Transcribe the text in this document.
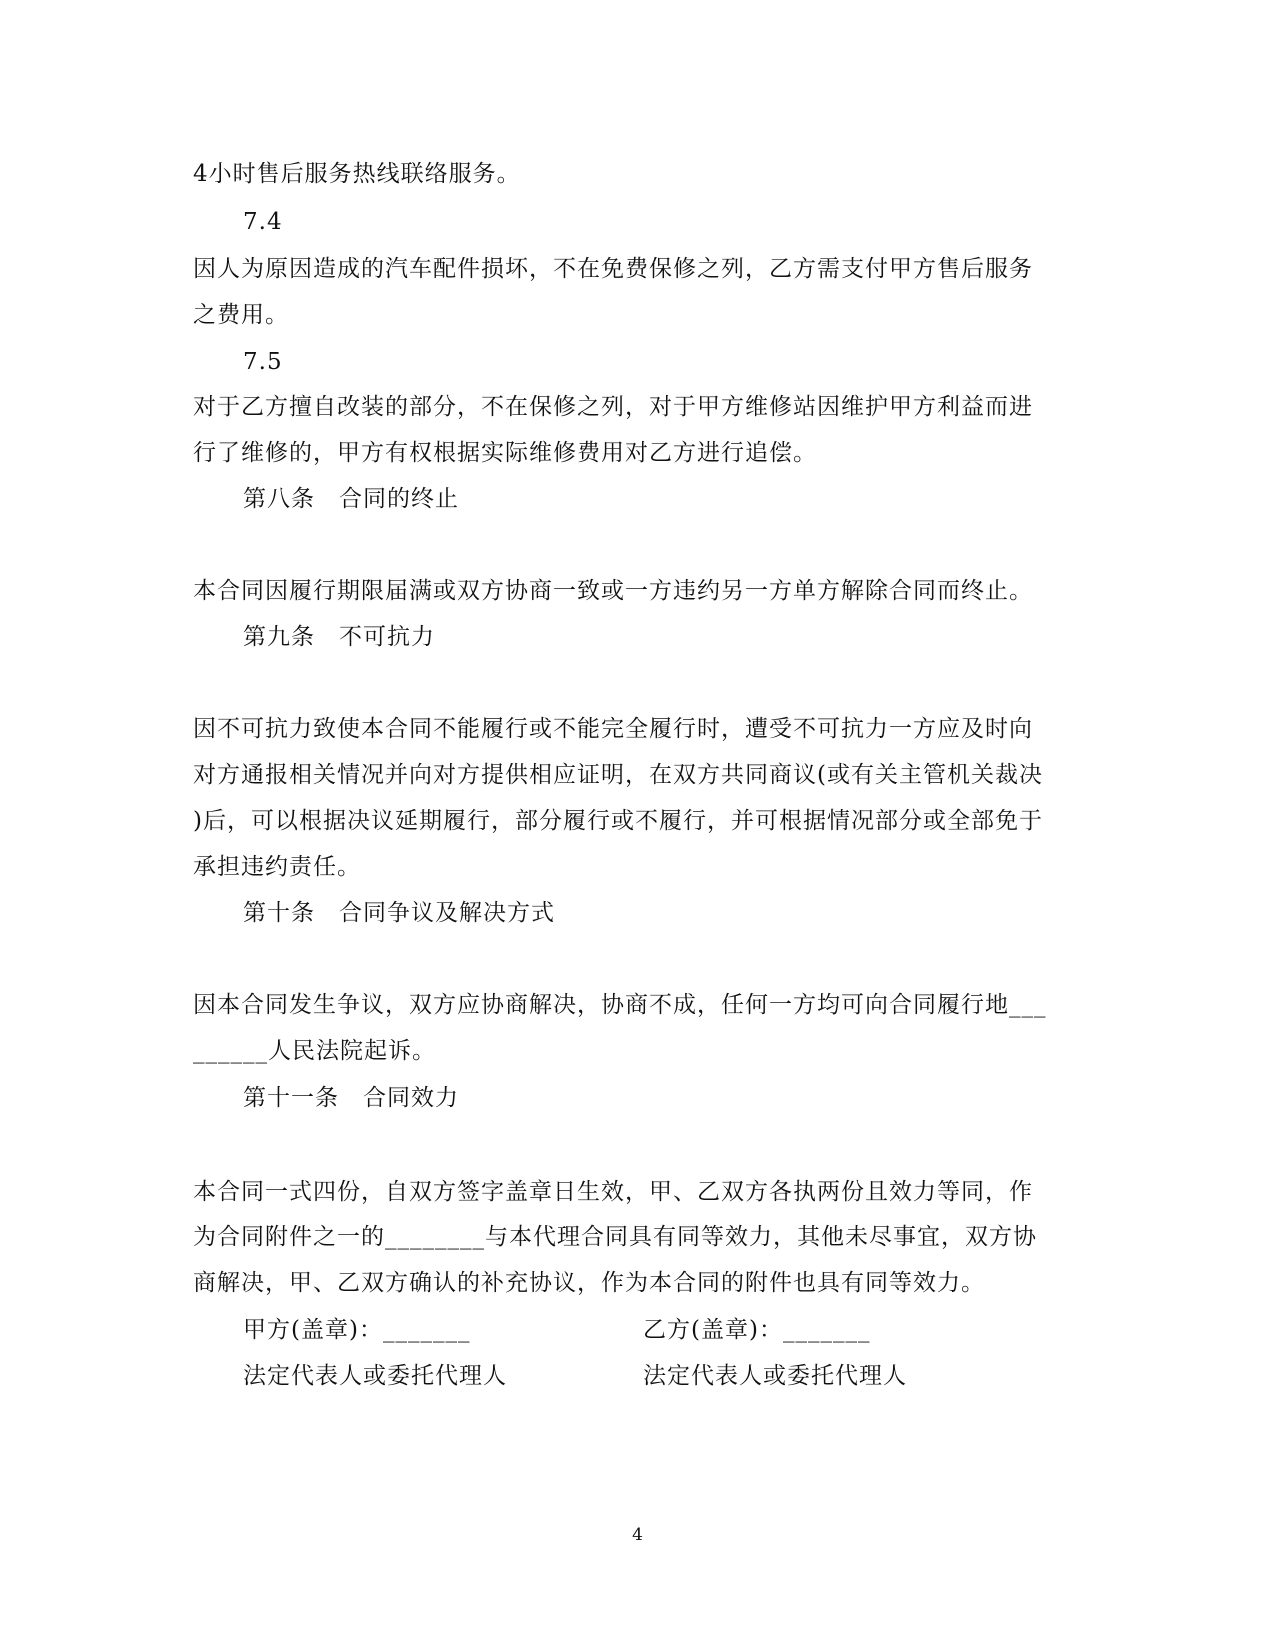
4小时售后服务热线联络服务。
7.4
因人为原因造成的汽车配件损坏，不在免费保修之列，乙方需支付甲方售后服务
之费用。
7.5
对于乙方擅自改装的部分，不在保修之列，对于甲方维修站因维护甲方利益而进
行了维修的，甲方有权根据实际维修费用对乙方进行追偿。
第八条　合同的终止
本合同因履行期限届满或双方协商一致或一方违约另一方单方解除合同而终止。
第九条　不可抗力
因不可抗力致使本合同不能履行或不能完全履行时，遭受不可抗力一方应及时向
对方通报相关情况并向对方提供相应证明，在双方共同商议(或有关主管机关裁决
)后，可以根据决议延期履行，部分履行或不履行，并可根据情况部分或全部免于
承担违约责任。
第十条　合同争议及解决方式
因本合同发生争议，双方应协商解决，协商不成，任何一方均可向合同履行地___
______人民法院起诉。
第十一条　合同效力
本合同一式四份，自双方签字盖章日生效，甲、乙双方各执两份且效力等同，作
为合同附件之一的________与本代理合同具有同等效力，其他未尽事宜，双方协
商解决，甲、乙双方确认的补充协议，作为本合同的附件也具有同等效力。
甲方(盖章)：_______	乙方(盖章)：_______
法定代表人或委托代理人	法定代表人或委托代理人
4
